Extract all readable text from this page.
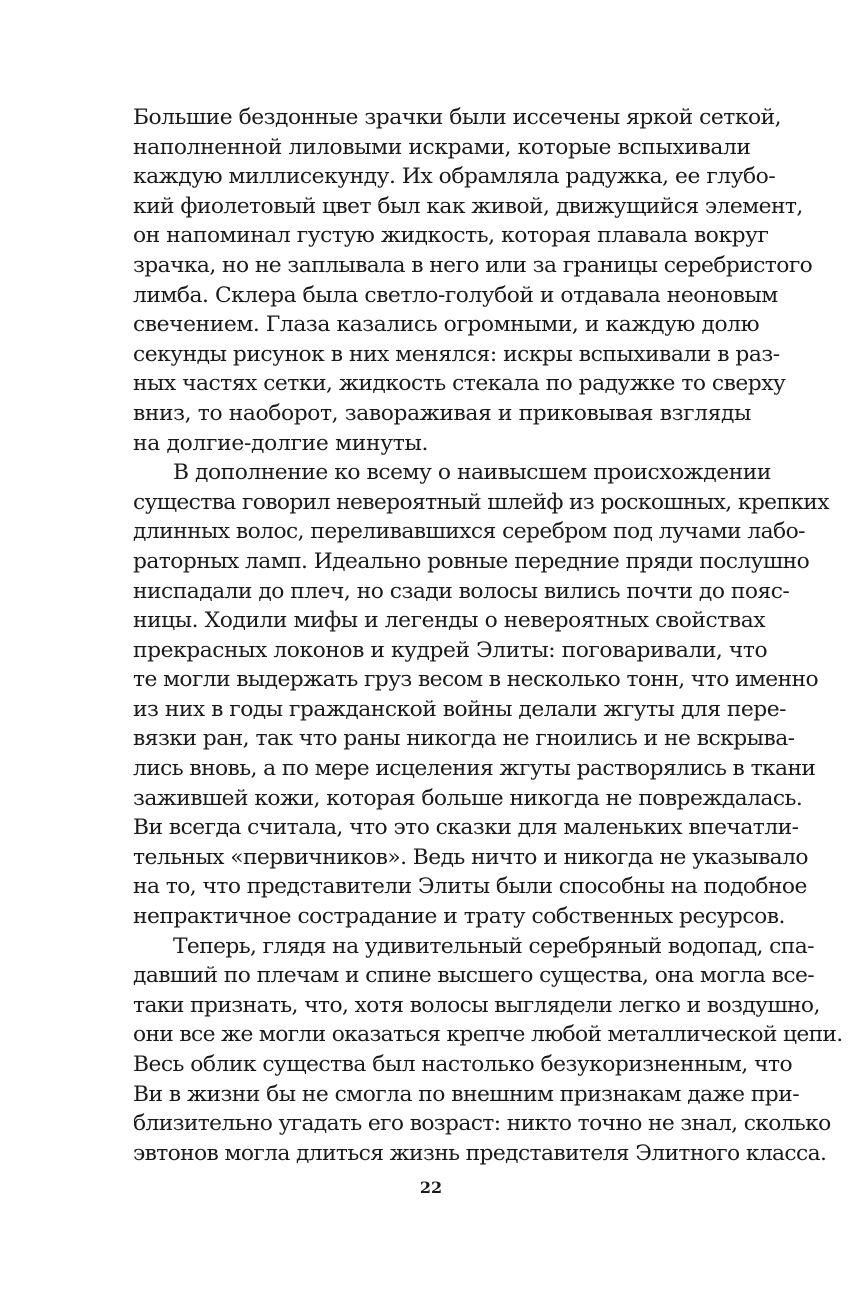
Большие бездонные зрачки были иссечены яркой сеткой,
наполненной лиловыми искрами, которые вспыхивали
каждую миллисекунду. Их обрамляла радужка, ее глубо-
кий фиолетовый цвет был как живой, движущийся элемент,
он напоминал густую жидкость, которая плавала вокруг
зрачка, но не заплывала в него или за границы серебристого
лимба. Склера была светло-голубой и отдавала неоновым
свечением. Глаза казались огромными, и каждую долю
секунды рисунок в них менялся: искры вспыхивали в раз-
ных частях сетки, жидкость стекала по радужке то сверху
вниз, то наоборот, завораживая и приковывая взгляды
на долгие-долгие минуты.
В дополнение ко всему о наивысшем происхождении
существа говорил невероятный шлейф из роскошных, крепких
длинных волос, переливавшихся серебром под лучами лабо-
раторных ламп. Идеально ровные передние пряди послушно
ниспадали до плеч, но сзади волосы вились почти до пояс-
ницы. Ходили мифы и легенды о невероятных свойствах
прекрасных локонов и кудрей Элиты: поговаривали, что
те могли выдержать груз весом в несколько тонн, что именно
из них в годы гражданской войны делали жгуты для пере-
вязки ран, так что раны никогда не гноились и не вскрыва-
лись вновь, а по мере исцеления жгуты растворялись в ткани
зажившей кожи, которая больше никогда не повреждалась.
Ви всегда считала, что это сказки для маленьких впечатли-
тельных «первичников». Ведь ничто и никогда не указывало
на то, что представители Элиты были способны на подобное
непрактичное сострадание и трату собственных ресурсов.
Теперь, глядя на удивительный серебряный водопад, спа-
давший по плечам и спине высшего существа, она могла все-
таки признать, что, хотя волосы выглядели легко и воздушно,
они все же могли оказаться крепче любой металлической цепи.
Весь облик существа был настолько безукоризненным, что
Ви в жизни бы не смогла по внешним признакам даже при-
близительно угадать его возраст: никто точно не знал, сколько
эвтонов могла длиться жизнь представителя Элитного класса.
22
